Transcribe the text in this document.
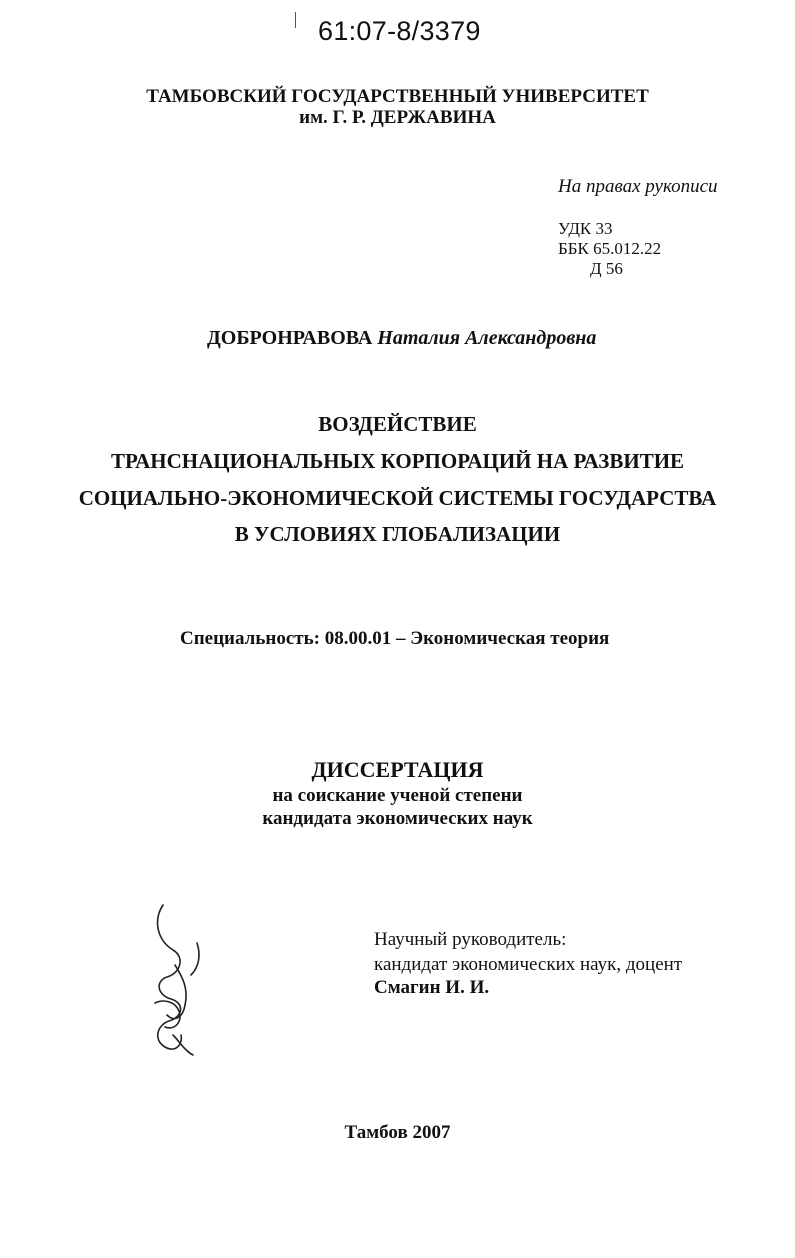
61:07-8/3379
ТАМБОВСКИЙ ГОСУДАРСТВЕННЫЙ УНИВЕРСИТЕТ
им. Г. Р. ДЕРЖАВИНА
На правах рукописи
УДК 33
ББК 65.012.22
Д 56
ДОБРОНРАВОВА Наталия Александровна
ВОЗДЕЙСТВИЕ
ТРАНСНАЦИОНАЛЬНЫХ КОРПОРАЦИЙ НА РАЗВИТИЕ
СОЦИАЛЬНО-ЭКОНОМИЧЕСКОЙ СИСТЕМЫ ГОСУДАРСТВА
В УСЛОВИЯХ ГЛОБАЛИЗАЦИИ
Специальность: 08.00.01 – Экономическая теория
ДИССЕРТАЦИЯ
на соискание ученой степени
кандидата экономических наук
Научный руководитель:
кандидат экономических наук, доцент
Смагин И. И.
Тамбов 2007
